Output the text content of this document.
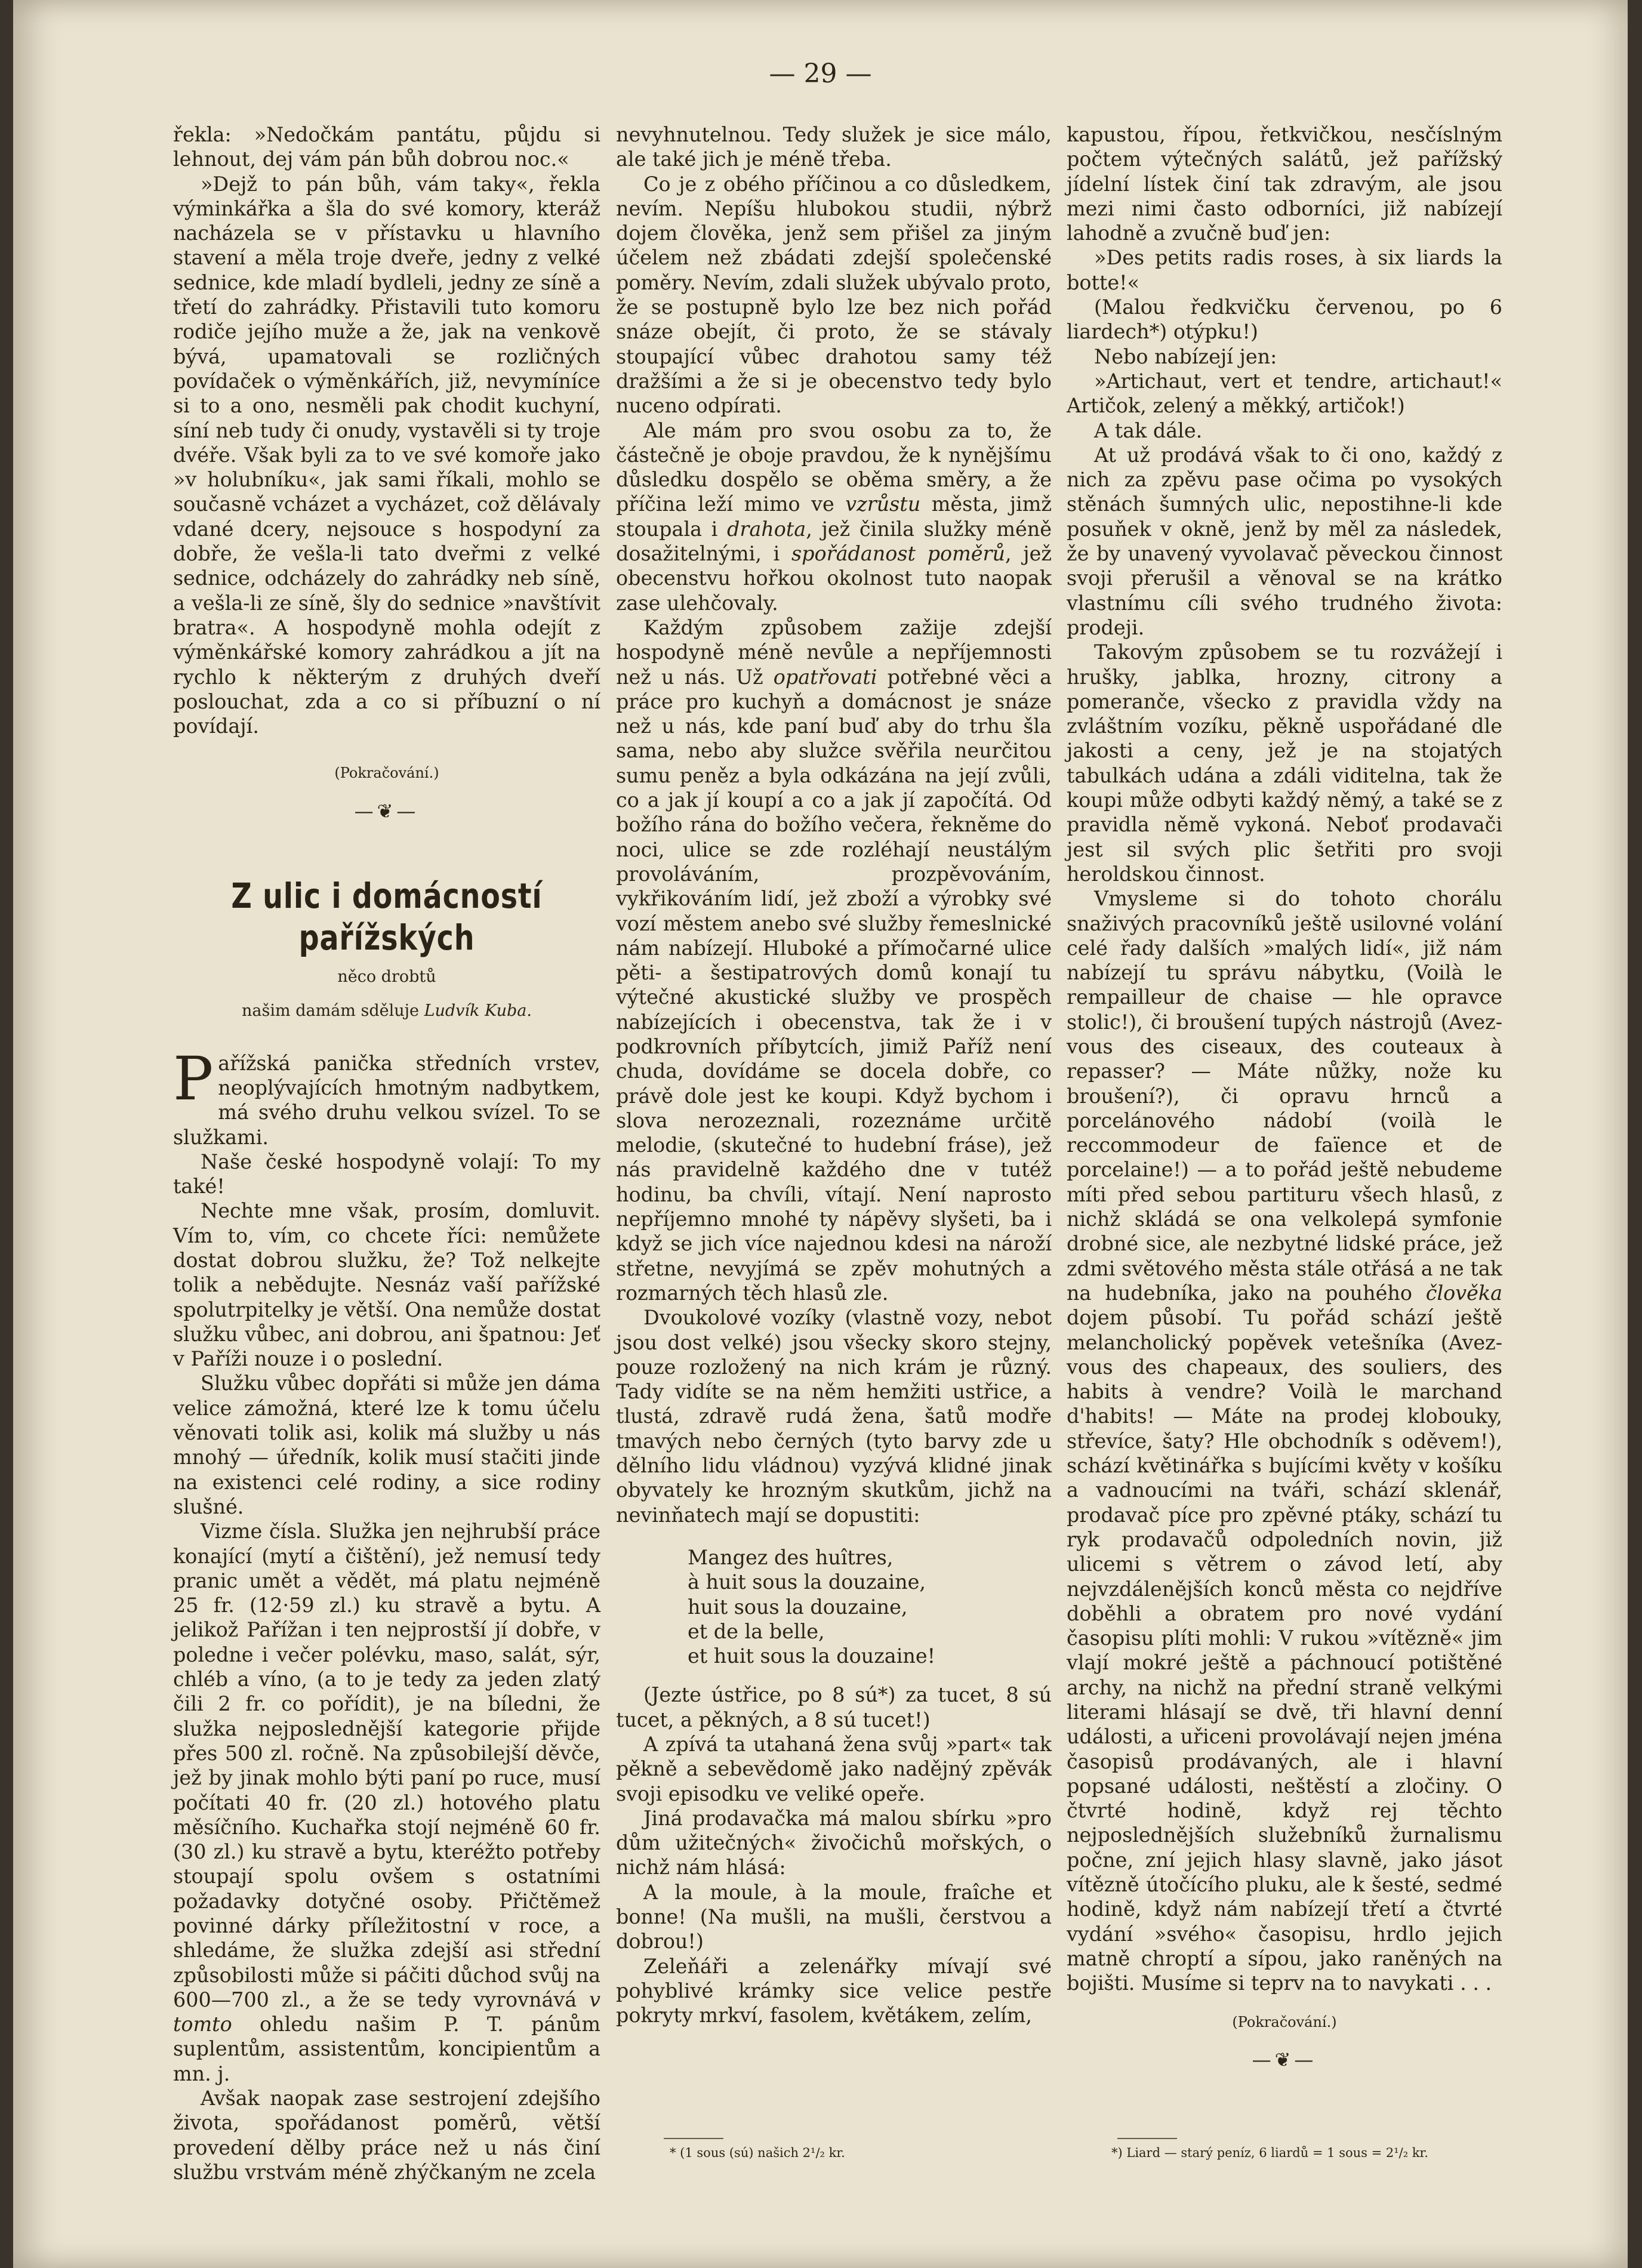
— 29 —

řekla: »Nedočkám pantátu, půjdu si lehnout, dej vám pán bůh dobrou noc.«

»Dejž to pán bůh, vám taky«, řekla výminkářka a šla do své komory, kteráž nacházela se v přístavku u hlavního stavení a měla troje dveře, jedny z velké sednice, kde mladí bydleli, jedny ze síně a třetí do zahrádky. Přistavili tuto komoru rodiče jejího muže a že, jak na venkově bývá, upamatovali se rozličných povídaček o výměnkářích, již, nevymíníce si to a ono, nesměli pak chodit kuchyní, síní neb tudy či onudy, vystavěli si ty troje dvéře. Však byli za to ve své komoře jako »v holubníku«, jak sami říkali, mohlo se současně vcházet a vycházet, což dělávaly vdané dcery, nejsouce s hospodyní za dobře, že vešla-li tato dveřmi z velké sednice, odcházely do zahrádky neb síně, a vešla-li ze síně, šly do sednice »navštívit bratra«. A hospodyně mohla odejít z výměnkářské komory zahrádkou a jít na rychlo k některým z druhých dveří poslouchat, zda a co si příbuzní o ní povídají.

(Pokračování.)
—❦—
Z ulic i domácností pařížských
něco drobtů
našim damám sděluje Ludvík Kuba.

Pařížská panička středních vrstev, neoplývajících hmotným nadbytkem, má svého druhu velkou svízel. To se služkami.

Naše české hospodyně volají: To my také!

Nechte mne však, prosím, domluvit. Vím to, vím, co chcete říci: nemůžete dostat dobrou služku, že? Tož nelkejte tolik a nebědujte. Nesnáz vaší pařížské spolutrpitelky je větší. Ona nemůže dostat služku vůbec, ani dobrou, ani špatnou: Jeť v Paříži nouze i o poslední.

Služku vůbec dopřáti si může jen dáma velice zámožná, které lze k tomu účelu věnovati tolik asi, kolik má služby u nás mnohý — úředník, kolik musí stačiti jinde na existenci celé rodiny, a sice rodiny slušné.

Vizme čísla. Služka jen nejhrubší práce konající (mytí a čištění), jež nemusí tedy pranic umět a vědět, má platu nejméně 25 fr. (12·59 zl.) ku stravě a bytu. A jelikož Pařížan i ten nejprostší jí dobře, v poledne i večer polévku, maso, salát, sýr, chléb a víno, (a to je tedy za jeden zlatý čili 2 fr. co pořídit), je na bíledni, že služka nejposlednější kategorie přijde přes 500 zl. ročně. Na způsobilejší děvče, jež by jinak mohlo býti paní po ruce, musí počítati 40 fr. (20 zl.) hotového platu měsíčního. Kuchařka stojí nejméně 60 fr. (30 zl.) ku stravě a bytu, kteréžto potřeby stoupají spolu ovšem s ostatními požadavky dotyčné osoby. Přičtěmež povinné dárky příležitostní v roce, a shledáme, že služka zdejší asi střední způsobilosti může si páčiti důchod svůj na 600—700 zl., a že se tedy vyrovnává v tomto ohledu našim P. T. pánům suplentům, assistentům, koncipientům a mn. j.

Avšak naopak zase sestrojení zdejšího života, spořádanost poměrů, větší provedení dělby práce než u nás činí službu vrstvám méně zhýčkaným ne zcela

nevyhnutelnou. Tedy služek je sice málo, ale také jich je méně třeba.

Co je z obého příčinou a co důsledkem, nevím. Nepíšu hlubokou studii, nýbrž dojem člověka, jenž sem přišel za jiným účelem než zbádati zdejší společenské poměry. Nevím, zdali služek ubývalo proto, že se postupně bylo lze bez nich pořád snáze obejít, či proto, že se stávaly stoupající vůbec drahotou samy též dražšími a že si je obecenstvo tedy bylo nuceno odpírati.

Ale mám pro svou osobu za to, že částečně je oboje pravdou, že k nynějšímu důsledku dospělo se oběma směry, a že příčina leží mimo ve vzrůstu města, jimž stoupala i drahota, jež činila služky méně dosažitelnými, i spořádanost poměrů, jež obecenstvu hořkou okolnost tuto naopak zase ulehčovaly.

Každým způsobem zažije zdejší hospodyně méně nevůle a nepříjemnosti než u nás. Už opatřovati potřebné věci a práce pro kuchyň a domácnost je snáze než u nás, kde paní buď aby do trhu šla sama, nebo aby služce svěřila neurčitou sumu peněz a byla odkázána na její zvůli, co a jak jí koupí a co a jak jí započítá. Od božího rána do božího večera, řekněme do noci, ulice se zde rozléhají neustálým provoláváním, prozpěvováním, vykřikováním lidí, jež zboží a výrobky své vozí městem anebo své služby řemeslnické nám nabízejí. Hluboké a přímočarné ulice pěti- a šestipatrových domů konají tu výtečné akustické služby ve prospěch nabízejících i obecenstva, tak že i v podkrovních příbytcích, jimiž Paříž není chuda, dovídáme se docela dobře, co právě dole jest ke koupi. Když bychom i slova nerozeznali, rozeznáme určitě melodie, (skutečné to hudební fráse), jež nás pravidelně každého dne v tutéž hodinu, ba chvíli, vítají. Není naprosto nepříjemno mnohé ty nápěvy slyšeti, ba i když se jich více najednou kdesi na nároží střetne, nevyjímá se zpěv mohutných a rozmarných těch hlasů zle.

Dvoukolové vozíky (vlastně vozy, nebot jsou dost velké) jsou všecky skoro stejny, pouze rozložený na nich krám je různý. Tady vidíte se na něm hemžiti ustřice, a tlustá, zdravě rudá žena, šatů modře tmavých nebo černých (tyto barvy zde u dělního lidu vládnou) vyzývá klidné jinak obyvately ke hrozným skutkům, jichž na nevinňatech mají se dopustiti:

Mangez des huîtres,
à huit sous la douzaine,
huit sous la douzaine,
et de la belle,
et huit sous la douzaine!

(Jezte ústřice, po 8 sú*) za tucet, 8 sú tucet, a pěkných, a 8 sú tucet!)

A zpívá ta utahaná žena svůj »part« tak pěkně a sebevědomě jako nadějný zpěvák svoji episodku ve veliké opeře.

Jiná prodavačka má malou sbírku »pro dům užitečných« živočichů mořských, o nichž nám hlásá:

A la moule, à la moule, fraîche et bonne! (Na mušli, na mušli, čerstvou a dobrou!)

Zeleňáři a zelenářky mívají své pohyblivé krámky sice velice pestře pokryty mrkví, fasolem, květákem, zelím,

kapustou, řípou, řetkvičkou, nesčíslným počtem výtečných salátů, jež pařížský jídelní lístek činí tak zdravým, ale jsou mezi nimi často odborníci, již nabízejí lahodně a zvučně buď jen:

»Des petits radis roses, à six liards la botte!«

(Malou ředkvičku červenou, po 6 liardech*) otýpku!)

Nebo nabízejí jen:

»Artichaut, vert et tendre, artichaut!« Artičok, zelený a měkký, artičok!)

A tak dále.

At už prodává však to či ono, každý z nich za zpěvu pase očima po vysokých stěnách šumných ulic, nepostihne-li kde posuňek v okně, jenž by měl za následek, že by unavený vyvolavač pěveckou činnost svoji přerušil a věnoval se na krátko vlastnímu cíli svého trudného života: prodeji.

Takovým způsobem se tu rozvážejí i hrušky, jablka, hrozny, citrony a pomeranče, všecko z pravidla vždy na zvláštním vozíku, pěkně uspořádané dle jakosti a ceny, jež je na stojatých tabulkách udána a zdáli viditelna, tak že koupi může odbyti každý němý, a také se z pravidla němě vykoná. Neboť prodavači jest sil svých plic šetřiti pro svoji heroldskou činnost.

Vmysleme si do tohoto chorálu snaživých pracovníků ještě usilovné volání celé řady dalších »malých lidí«, již nám nabízejí tu správu nábytku, (Voilà le rempailleur de chaise — hle opravce stolic!), či broušení tupých nástrojů (Avez-vous des ciseaux, des couteaux à repasser? — Máte nůžky, nože ku broušení?), či opravu hrnců a porcelánového nádobí (voilà le reccommodeur de faïence et de porcelaine!) — a to pořád ještě nebudeme míti před sebou partituru všech hlasů, z nichž skládá se ona velkolepá symfonie drobné sice, ale nezbytné lidské práce, jež zdmi světového města stále otřásá a ne tak na hudebníka, jako na pouhého člověka dojem působí. Tu pořád schází ještě melancholický popěvek vetešníka (Avez-vous des chapeaux, des souliers, des habits à vendre? Voilà le marchand d'habits! — Máte na prodej klobouky, střevíce, šaty? Hle obchodník s oděvem!), schází květinářka s bujícími květy v košíku a vadnoucími na tváři, schází sklenář, prodavač píce pro zpěvné ptáky, schází tu ryk prodavačů odpoledních novin, již ulicemi s větrem o závod letí, aby nejvzdálenějších konců města co nejdříve doběhli a obratem pro nové vydání časopisu plíti mohli: V rukou »vítězně« jim vlají mokré ještě a páchnoucí potištěné archy, na nichž na přední straně velkými literami hlásají se dvě, tři hlavní denní události, a uřiceni provolávají nejen jména časopisů prodávaných, ale i hlavní popsané události, neštěstí a zločiny. O čtvrté hodině, když rej těchto nejposlednějších služebníků žurnalismu počne, zní jejich hlasy slavně, jako jásot vítězně útočícího pluku, ale k šesté, sedmé hodině, když nám nabízejí třetí a čtvrté vydání »svého« časopisu, hrdlo jejich matně chroptí a sípou, jako raněných na bojišti. Musíme si teprv na to navykati . . .

(Pokračování.)
—❦—
* (1 sous (sú) našich 2¹/₂ kr.	*) Liard — starý peníz, 6 liardů = 1 sous = 2¹/₂ kr.
